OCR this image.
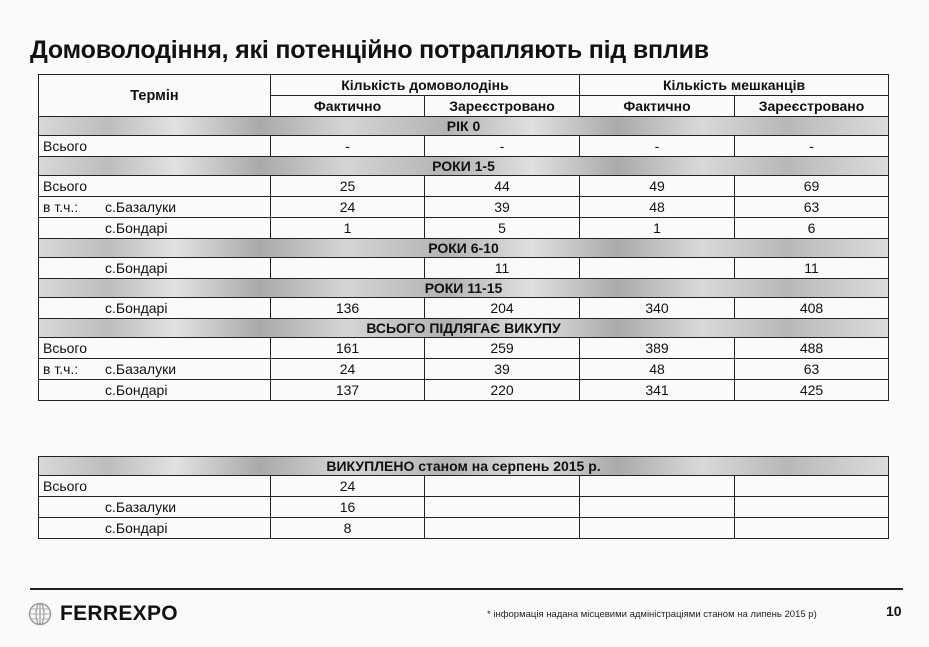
Домоволодіння, які потенційно потрапляють під вплив
Термін	Кількість домоволодінь		Кількість мешканців	
	Фактично	Зареєстровано	Фактично	Зареєстровано
РІК 0				
Всього	-	-	-	-
РОКИ 1-5				
Всього	25	44	49	69
в т.ч.: с.Базалуки	24	39	48	63
с.Бондарі	1	5	1	6
РОКИ 6-10				
с.Бондарі		11		11
РОКИ 11-15				
с.Бондарі	136	204	340	408
ВСЬОГО ПІДЛЯГАЄ ВИКУПУ				
Всього	161	259	389	488
в т.ч.: с.Базалуки	24	39	48	63
с.Бондарі	137	220	341	425
ВИКУПЛЕНО станом на серпень 2015 р.				
Всього	24			
с.Базалуки	16			
с.Бондарі	8			
FERREXPO	* інформація надана місцевими адміністраціями станом на липень 2015 р)	10
